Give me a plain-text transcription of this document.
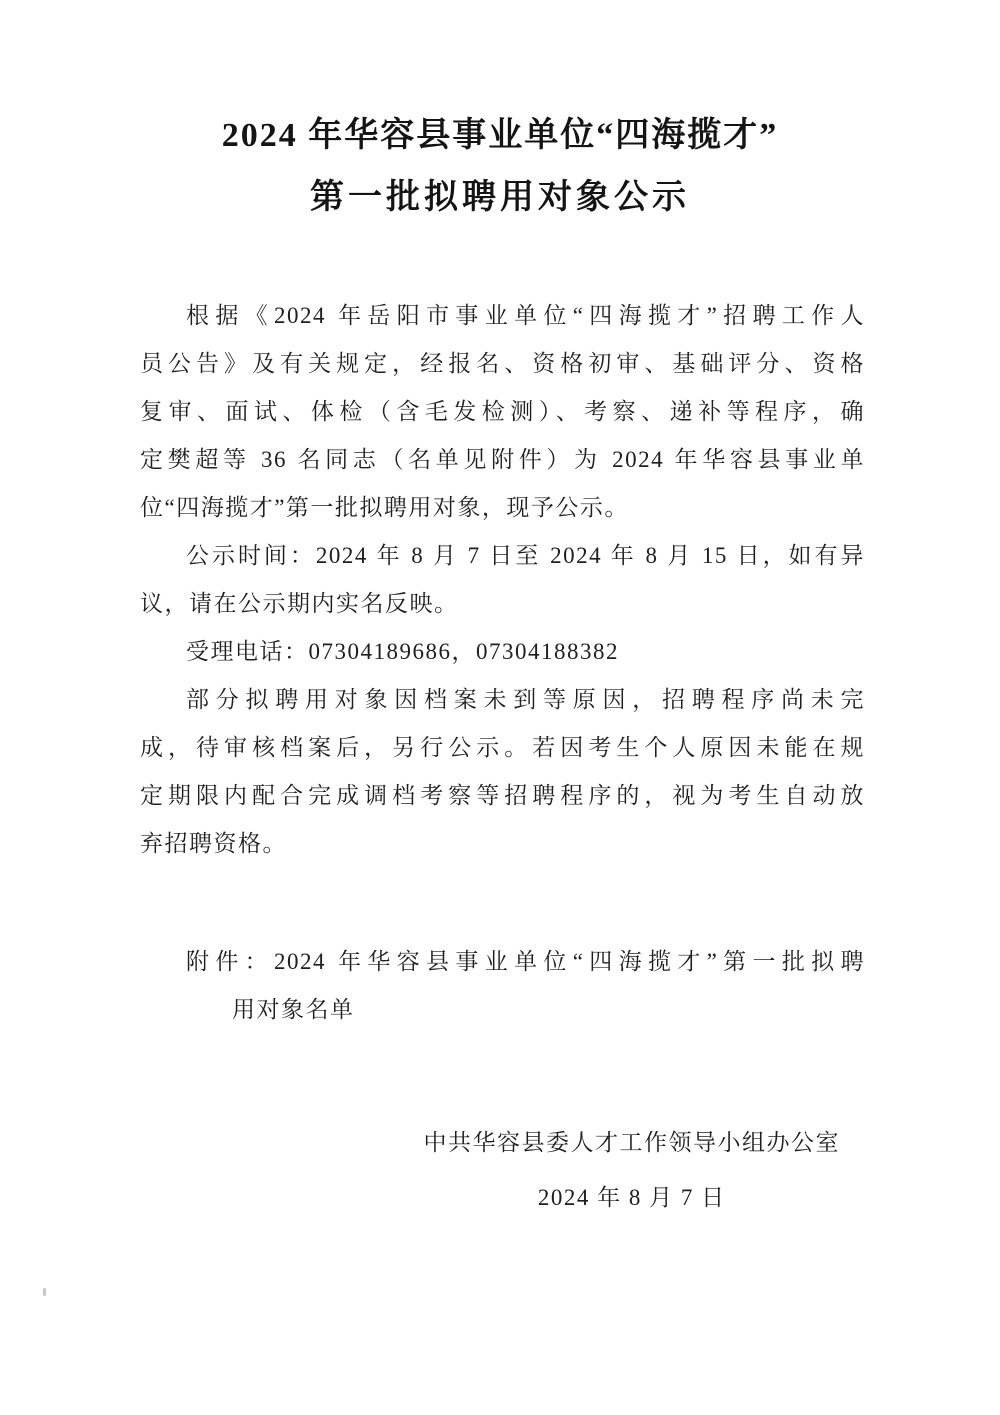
2024 年华容县事业单位“四海揽才”
第一批拟聘用对象公示
根据《2024 年岳阳市事业单位“四海揽才”招聘工作人
员公告》及有关规定，经报名、资格初审、基础评分、资格
复审、面试、体检（含毛发检测）、考察、递补等程序，确
定樊超等 36 名同志（名单见附件）为 2024 年华容县事业单
位“四海揽才”第一批拟聘用对象，现予公示。
公示时间：2024 年 8 月 7 日至 2024 年 8 月 15 日，如有异
议，请在公示期内实名反映。
受理电话：07304189686，07304188382
部分拟聘用对象因档案未到等原因，招聘程序尚未完
成，待审核档案后，另行公示。若因考生个人原因未能在规
定期限内配合完成调档考察等招聘程序的，视为考生自动放
弃招聘资格。
附件：2024 年华容县事业单位“四海揽才”第一批拟聘
用对象名单
中共华容县委人才工作领导小组办公室
2024 年 8 月 7 日
